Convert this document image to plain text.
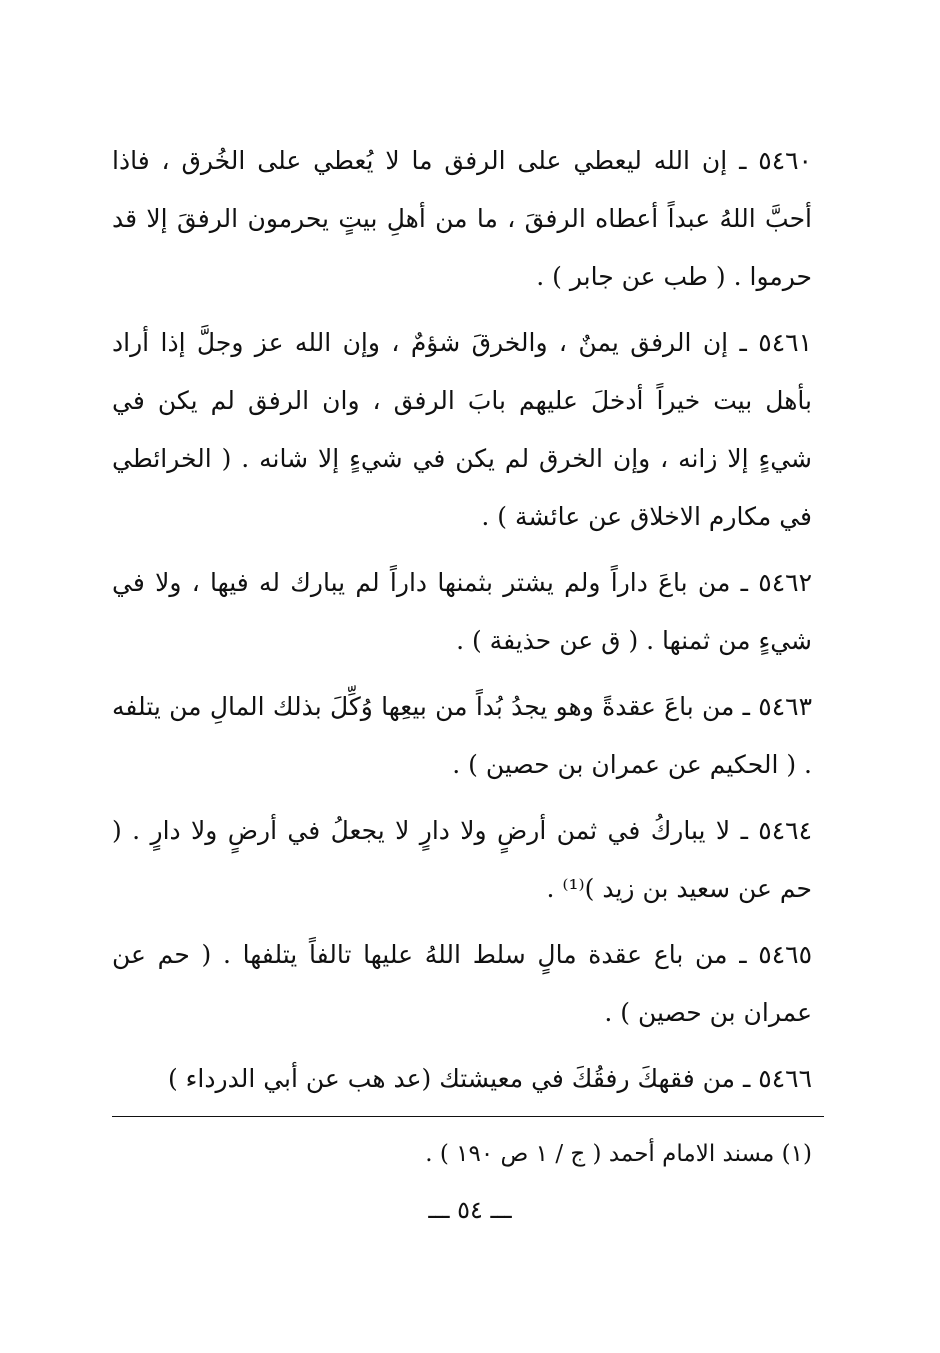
٥٤٦٠ ـ إن الله ليعطي على الرفق ما لا يُعطي على الخُرق ، فاذا أحبَّ اللهُ عبداً أعطاه الرفقَ ، ما من أهلِ بيتٍ يحرمون الرفقَ إلا قد حرموا . ( طب عن جابر ) .

٥٤٦١ ـ إن الرفق يمنٌ ، والخرقَ شؤمٌ ، وإن الله عز وجلَّ إذا أراد بأهل بيت خيراً أدخلَ عليهم بابَ الرفق ، وان الرفق لم يكن في شيءٍ إلا زانه ، وإن الخرق لم يكن في شيءٍ إلا شانه . ( الخرائطي في مكارم الاخلاق عن عائشة ) .

٥٤٦٢ ـ من باعَ داراً ولم يشتر بثمنها داراً لم يبارك له فيها ، ولا في شيءٍ من ثمنها . ( ق عن حذيفة ) .

٥٤٦٣ ـ من باعَ عقدةً وهو يجدُ بُداً من بيعِها وُكِّلَ بذلك المالِ من يتلفه . ( الحكيم عن عمران بن حصين ) .

٥٤٦٤ ـ لا يباركُ في ثمن أرضٍ ولا دارٍ لا يجعلُ في أرضٍ ولا دارٍ . ( حم عن سعيد بن زيد )⁽¹⁾ .

٥٤٦٥ ـ من باع عقدة مالٍ سلط اللهُ عليها تالفاً يتلفها . ( حم عن عمران بن حصين ) .

٥٤٦٦ ـ من فقهكَ رفقُكَ في معيشتك (عد هب عن أبي الدرداء )

(١) مسند الامام أحمد ( ج / ١ ص ١٩٠ ) .
ـــ ٥٤ ـــ
